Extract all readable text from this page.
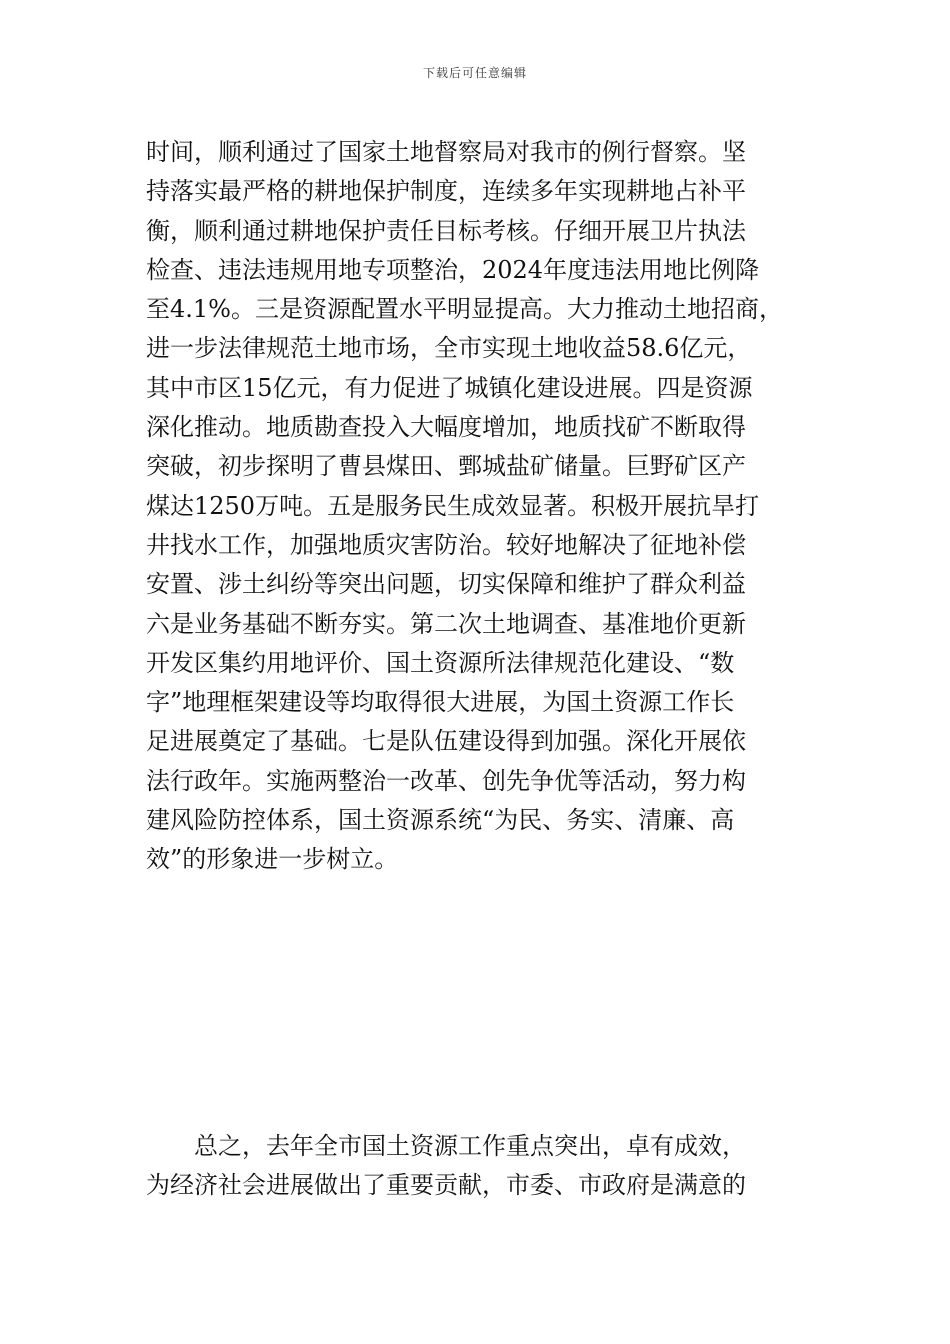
下载后可任意编辑
时间，顺利通过了国家土地督察局对我市的例行督察。坚
持落实最严格的耕地保护制度，连续多年实现耕地占补平
衡，顺利通过耕地保护责任目标考核。仔细开展卫片执法
检查、违法违规用地专项整治，2024年度违法用地比例降
至4.1%。三是资源配置水平明显提高。大力推动土地招商，
进一步法律规范土地市场，全市实现土地收益58.6亿元，
其中市区15亿元，有力促进了城镇化建设进展。四是资源
深化推动。地质勘查投入大幅度增加，地质找矿不断取得
突破，初步探明了曹县煤田、鄄城盐矿储量。巨野矿区产
煤达1250万吨。五是服务民生成效显著。积极开展抗旱打
井找水工作，加强地质灾害防治。较好地解决了征地补偿
安置、涉土纠纷等突出问题，切实保障和维护了群众利益
六是业务基础不断夯实。第二次土地调查、基准地价更新
开发区集约用地评价、国土资源所法律规范化建设、“数
字”地理框架建设等均取得很大进展，为国土资源工作长
足进展奠定了基础。七是队伍建设得到加强。深化开展依
法行政年。实施两整治一改革、创先争优等活动，努力构
建风险防控体系，国土资源系统“为民、务实、清廉、高
效”的形象进一步树立。
　　总之，去年全市国土资源工作重点突出，卓有成效，
为经济社会进展做出了重要贡献，市委、市政府是满意的
